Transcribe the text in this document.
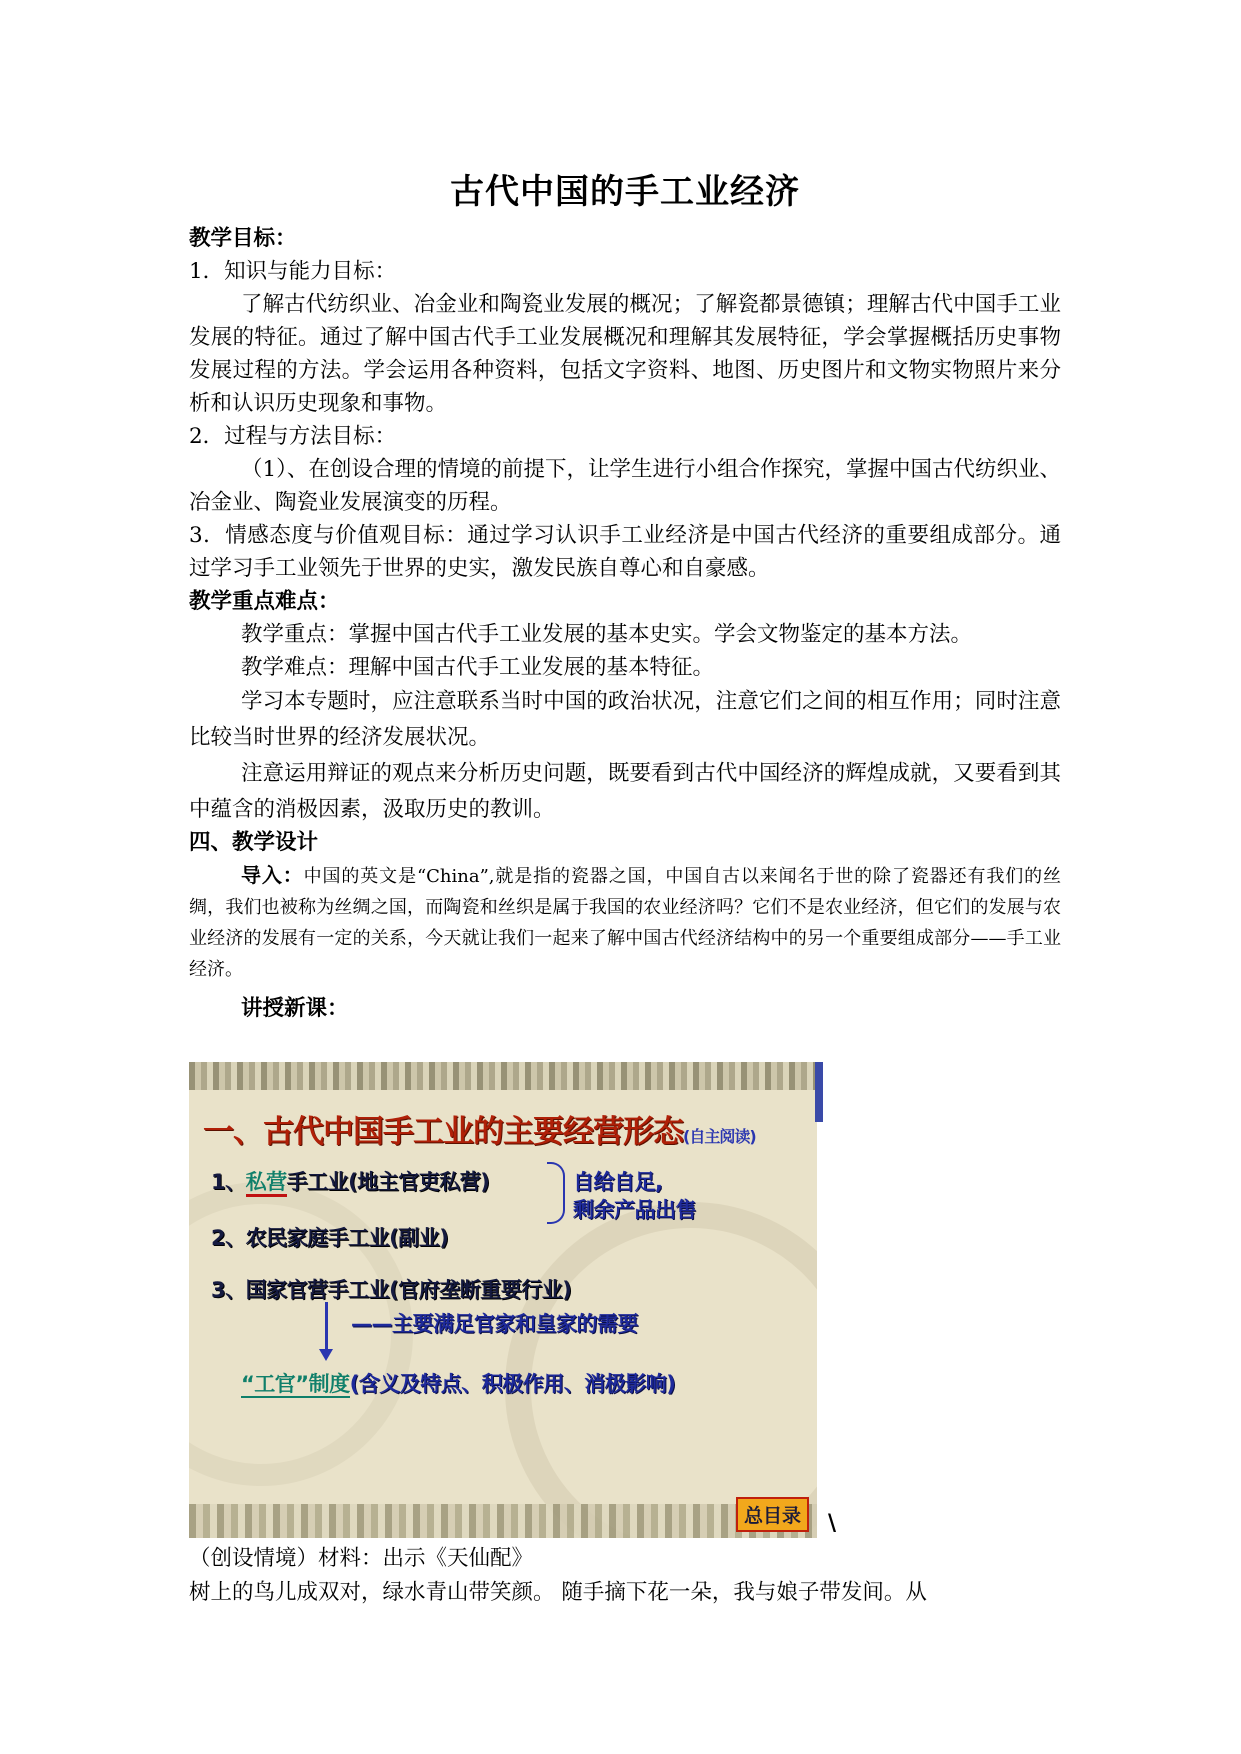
古代中国的手工业经济
教学目标：
1．知识与能力目标：
了解古代纺织业、冶金业和陶瓷业发展的概况；了解瓷都景德镇；理解古代中国手工业发展的特征。通过了解中国古代手工业发展概况和理解其发展特征，学会掌握概括历史事物发展过程的方法。学会运用各种资料，包括文字资料、地图、历史图片和文物实物照片来分析和认识历史现象和事物。
2．过程与方法目标：
（1）、在创设合理的情境的前提下，让学生进行小组合作探究，掌握中国古代纺织业、冶金业、陶瓷业发展演变的历程。
3．情感态度与价值观目标：通过学习认识手工业经济是中国古代经济的重要组成部分。通过学习手工业领先于世界的史实，激发民族自尊心和自豪感。
教学重点难点：
教学重点：掌握中国古代手工业发展的基本史实。学会文物鉴定的基本方法。
教学难点：理解中国古代手工业发展的基本特征。
学习本专题时，应注意联系当时中国的政治状况，注意它们之间的相互作用；同时注意比较当时世界的经济发展状况。
注意运用辩证的观点来分析历史问题，既要看到古代中国经济的辉煌成就，又要看到其中蕴含的消极因素，汲取历史的教训。
四、教学设计
导入：中国的英文是“China”,就是指的瓷器之国，中国自古以来闻名于世的除了瓷器还有我们的丝绸，我们也被称为丝绸之国，而陶瓷和丝织是属于我国的农业经济吗？它们不是农业经济，但它们的发展与农业经济的发展有一定的关系，今天就让我们一起来了解中国古代经济结构中的另一个重要组成部分——手工业经济。
讲授新课：
（创设情境）材料：出示《天仙配》
树上的鸟儿成双对，绿水青山带笑颜。 随手摘下花一朵，我与娘子带发间。从
一、古代中国手工业的主要经营形态(自主阅读)
1、私营手工业(地主官吏私营)	自给自足,
剩余产品出售
2、农民家庭手工业(副业)
3、国家官营手工业(官府垄断重要行业)
——主要满足官家和皇家的需要
“工官”制度(含义及特点、积极作用、消极影响)
总目录	\
